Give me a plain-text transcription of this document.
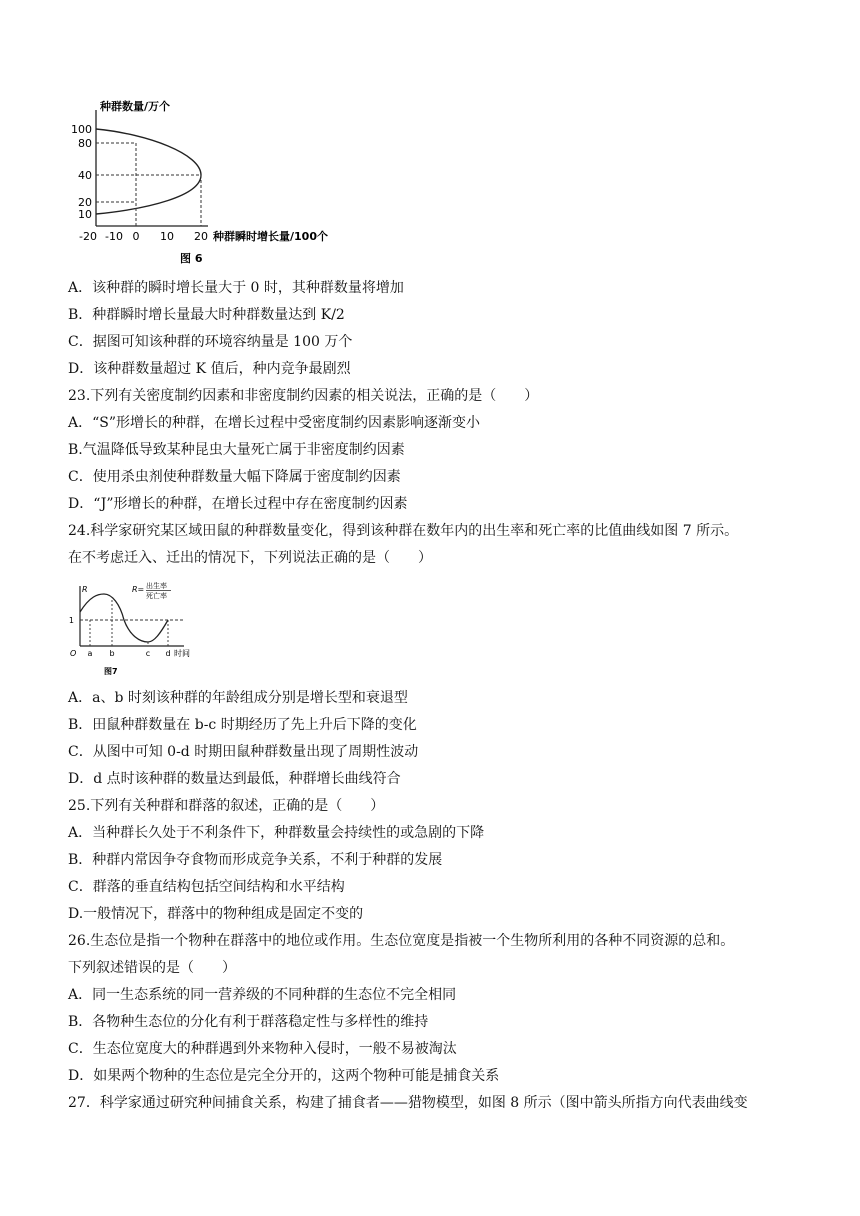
种群数量/万个
100
80
40
20
10
-20 -10 0 10 20 种群瞬时增长量/100个
图 6
A．该种群的瞬时增长量大于 0 时，其种群数量将增加
B．种群瞬时增长量最大时种群数量达到 K/2
C．据图可知该种群的环境容纳量是 100 万个
D．该种群数量超过 K 值后，种内竞争最剧烈
23.下列有关密度制约因素和非密度制约因素的相关说法，正确的是（　　）
A．“S”形增长的种群，在增长过程中受密度制约因素影响逐渐变小
B.气温降低导致某种昆虫大量死亡属于非密度制约因素
C．使用杀虫剂使种群数量大幅下降属于密度制约因素
D．“J”形增长的种群，在增长过程中存在密度制约因素
24.科学家研究某区域田鼠的种群数量变化，得到该种群在数年内的出生率和死亡率的比值曲线如图 7 所示。
在不考虑迁入、迁出的情况下，下列说法正确的是（　　）
R
1
O a b	c d 时间
R= 出生率
死亡率
图7
A．a、b 时刻该种群的年龄组成分别是增长型和衰退型
B．田鼠种群数量在 b-c 时期经历了先上升后下降的变化
C．从图中可知 0-d 时期田鼠种群数量出现了周期性波动
D．d 点时该种群的数量达到最低，种群增长曲线符合
25.下列有关种群和群落的叙述，正确的是（　　）
A．当种群长久处于不利条件下，种群数量会持续性的或急剧的下降
B．种群内常因争夺食物而形成竞争关系，不利于种群的发展
C．群落的垂直结构包括空间结构和水平结构
D.一般情况下，群落中的物种组成是固定不变的
26.生态位是指一个物种在群落中的地位或作用。生态位宽度是指被一个生物所利用的各种不同资源的总和。
下列叙述错误的是（　　）
A．同一生态系统的同一营养级的不同种群的生态位不完全相同
B．各物种生态位的分化有利于群落稳定性与多样性的维持
C．生态位宽度大的种群遇到外来物种入侵时，一般不易被淘汰
D．如果两个物种的生态位是完全分开的，这两个物种可能是捕食关系
27．科学家通过研究种间捕食关系，构建了捕食者——猎物模型，如图 8 所示（图中箭头所指方向代表曲线变
